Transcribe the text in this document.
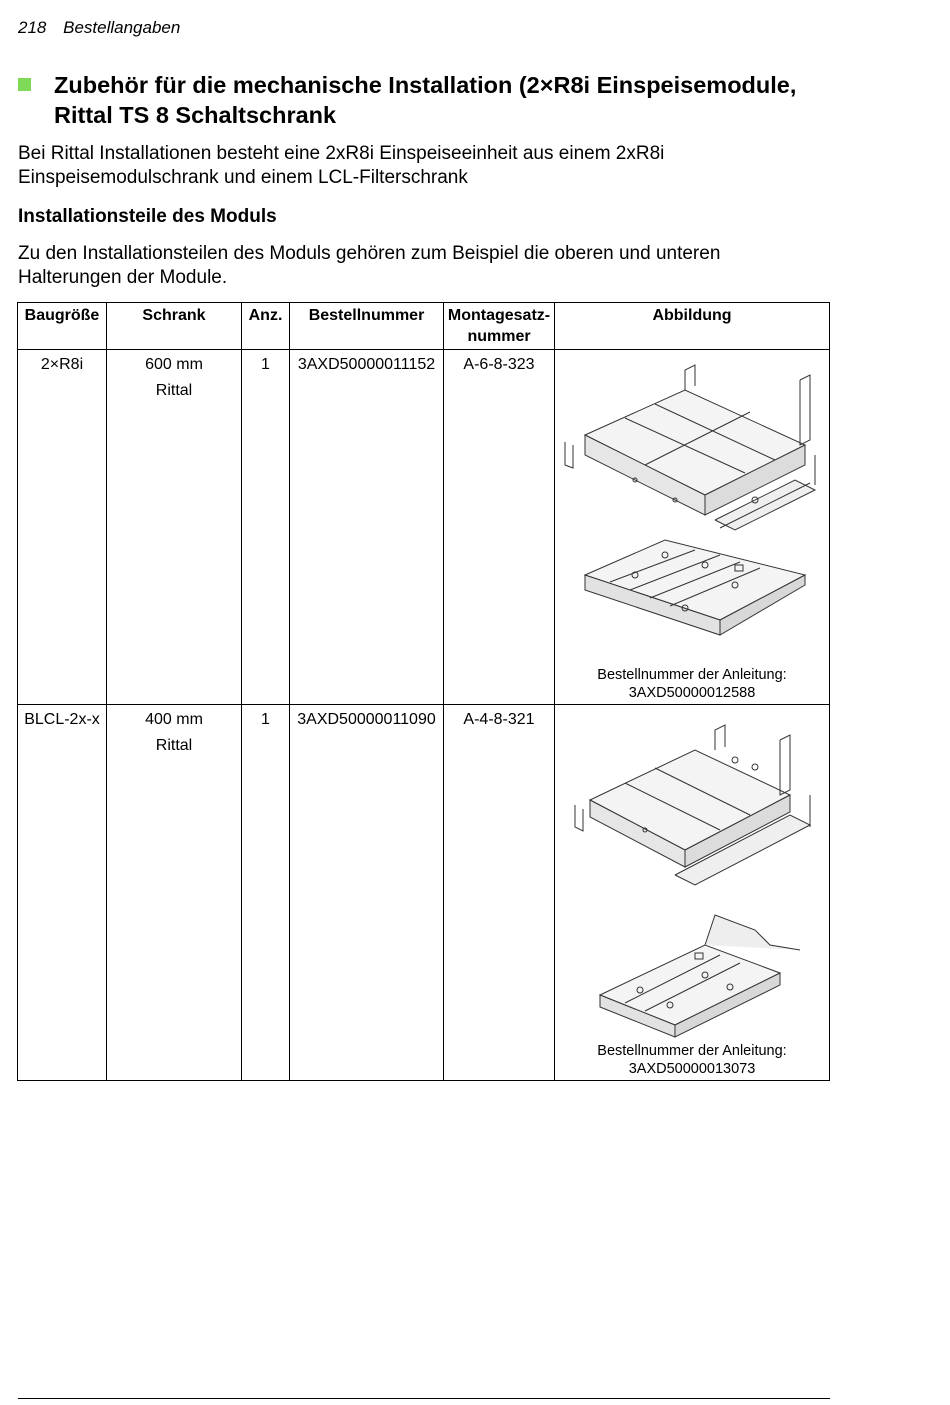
218 Bestellangaben
Zubehör für die mechanische Installation (2×R8i Einspeisemodule,
Rittal TS 8 Schaltschrank

Bei Rittal Installationen besteht eine 2xR8i Einspeiseeinheit aus einem 2xR8i
Einspeisemodulschrank und einem LCL-Filterschrank

Installationsteile des Moduls

Zu den Installationsteilen des Moduls gehören zum Beispiel die oberen und unteren
Halterungen der Module.

Baugröße	Schrank	Anz.	Bestellnummer	Montagesatz-
nummer	Abbildung
2×R8i	600 mm
Rittal	1	3AXD50000011152	A-6-8-323	Bestellnummer der Anleitung:
3AXD50000012588

BLCL-2x-x	400 mm
Rittal	1	3AXD50000011090	A-4-8-321	Bestellnummer der Anleitung:
3AXD50000013073
